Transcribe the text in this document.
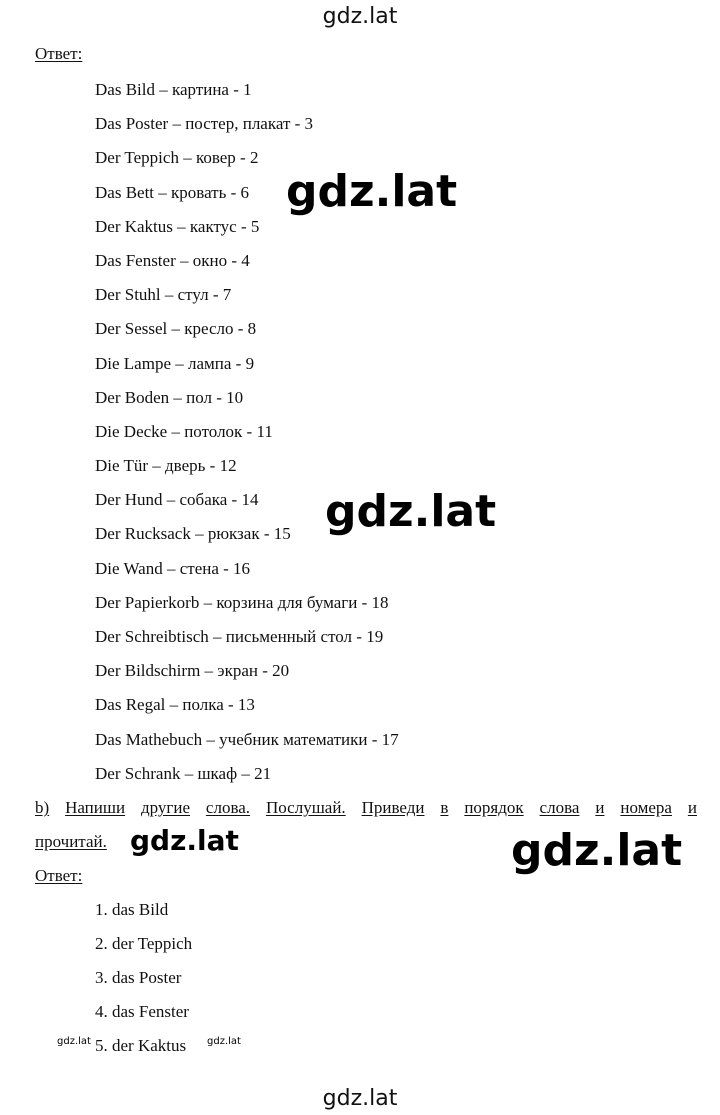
gdz.lat
Ответ:
Das Bild – картина - 1
Das Poster – постер, плакат - 3
Der Teppich – ковер - 2
Das Bett – кровать - 6
Der Kaktus – кактус - 5
Das Fenster – окно - 4
Der Stuhl – стул - 7
Der Sessel – кресло - 8
Die Lampe – лампа - 9
Der Boden – пол - 10
Die Decke – потолок - 11
Die Tür – дверь - 12
Der Hund – собака - 14
Der Rucksack – рюкзак - 15
Die Wand – стена - 16
Der Papierkorb – корзина для бумаги - 18
Der Schreibtisch – письменный стол - 19
Der Bildschirm – экран - 20
Das Regal – полка - 13
Das Mathebuch – учебник математики - 17
Der Schrank – шкаф – 21
b) Напиши другие слова. Послушай. Приведи в порядок слова и номера и
прочитай.
Ответ:
1. das Bild
2. der Teppich
3. das Poster
4. das Fenster
5. der Kaktus
gdz.lat
gdz.lat
gdz.lat
gdz.lat
gdz.lat	gdz.lat
gdz.lat
